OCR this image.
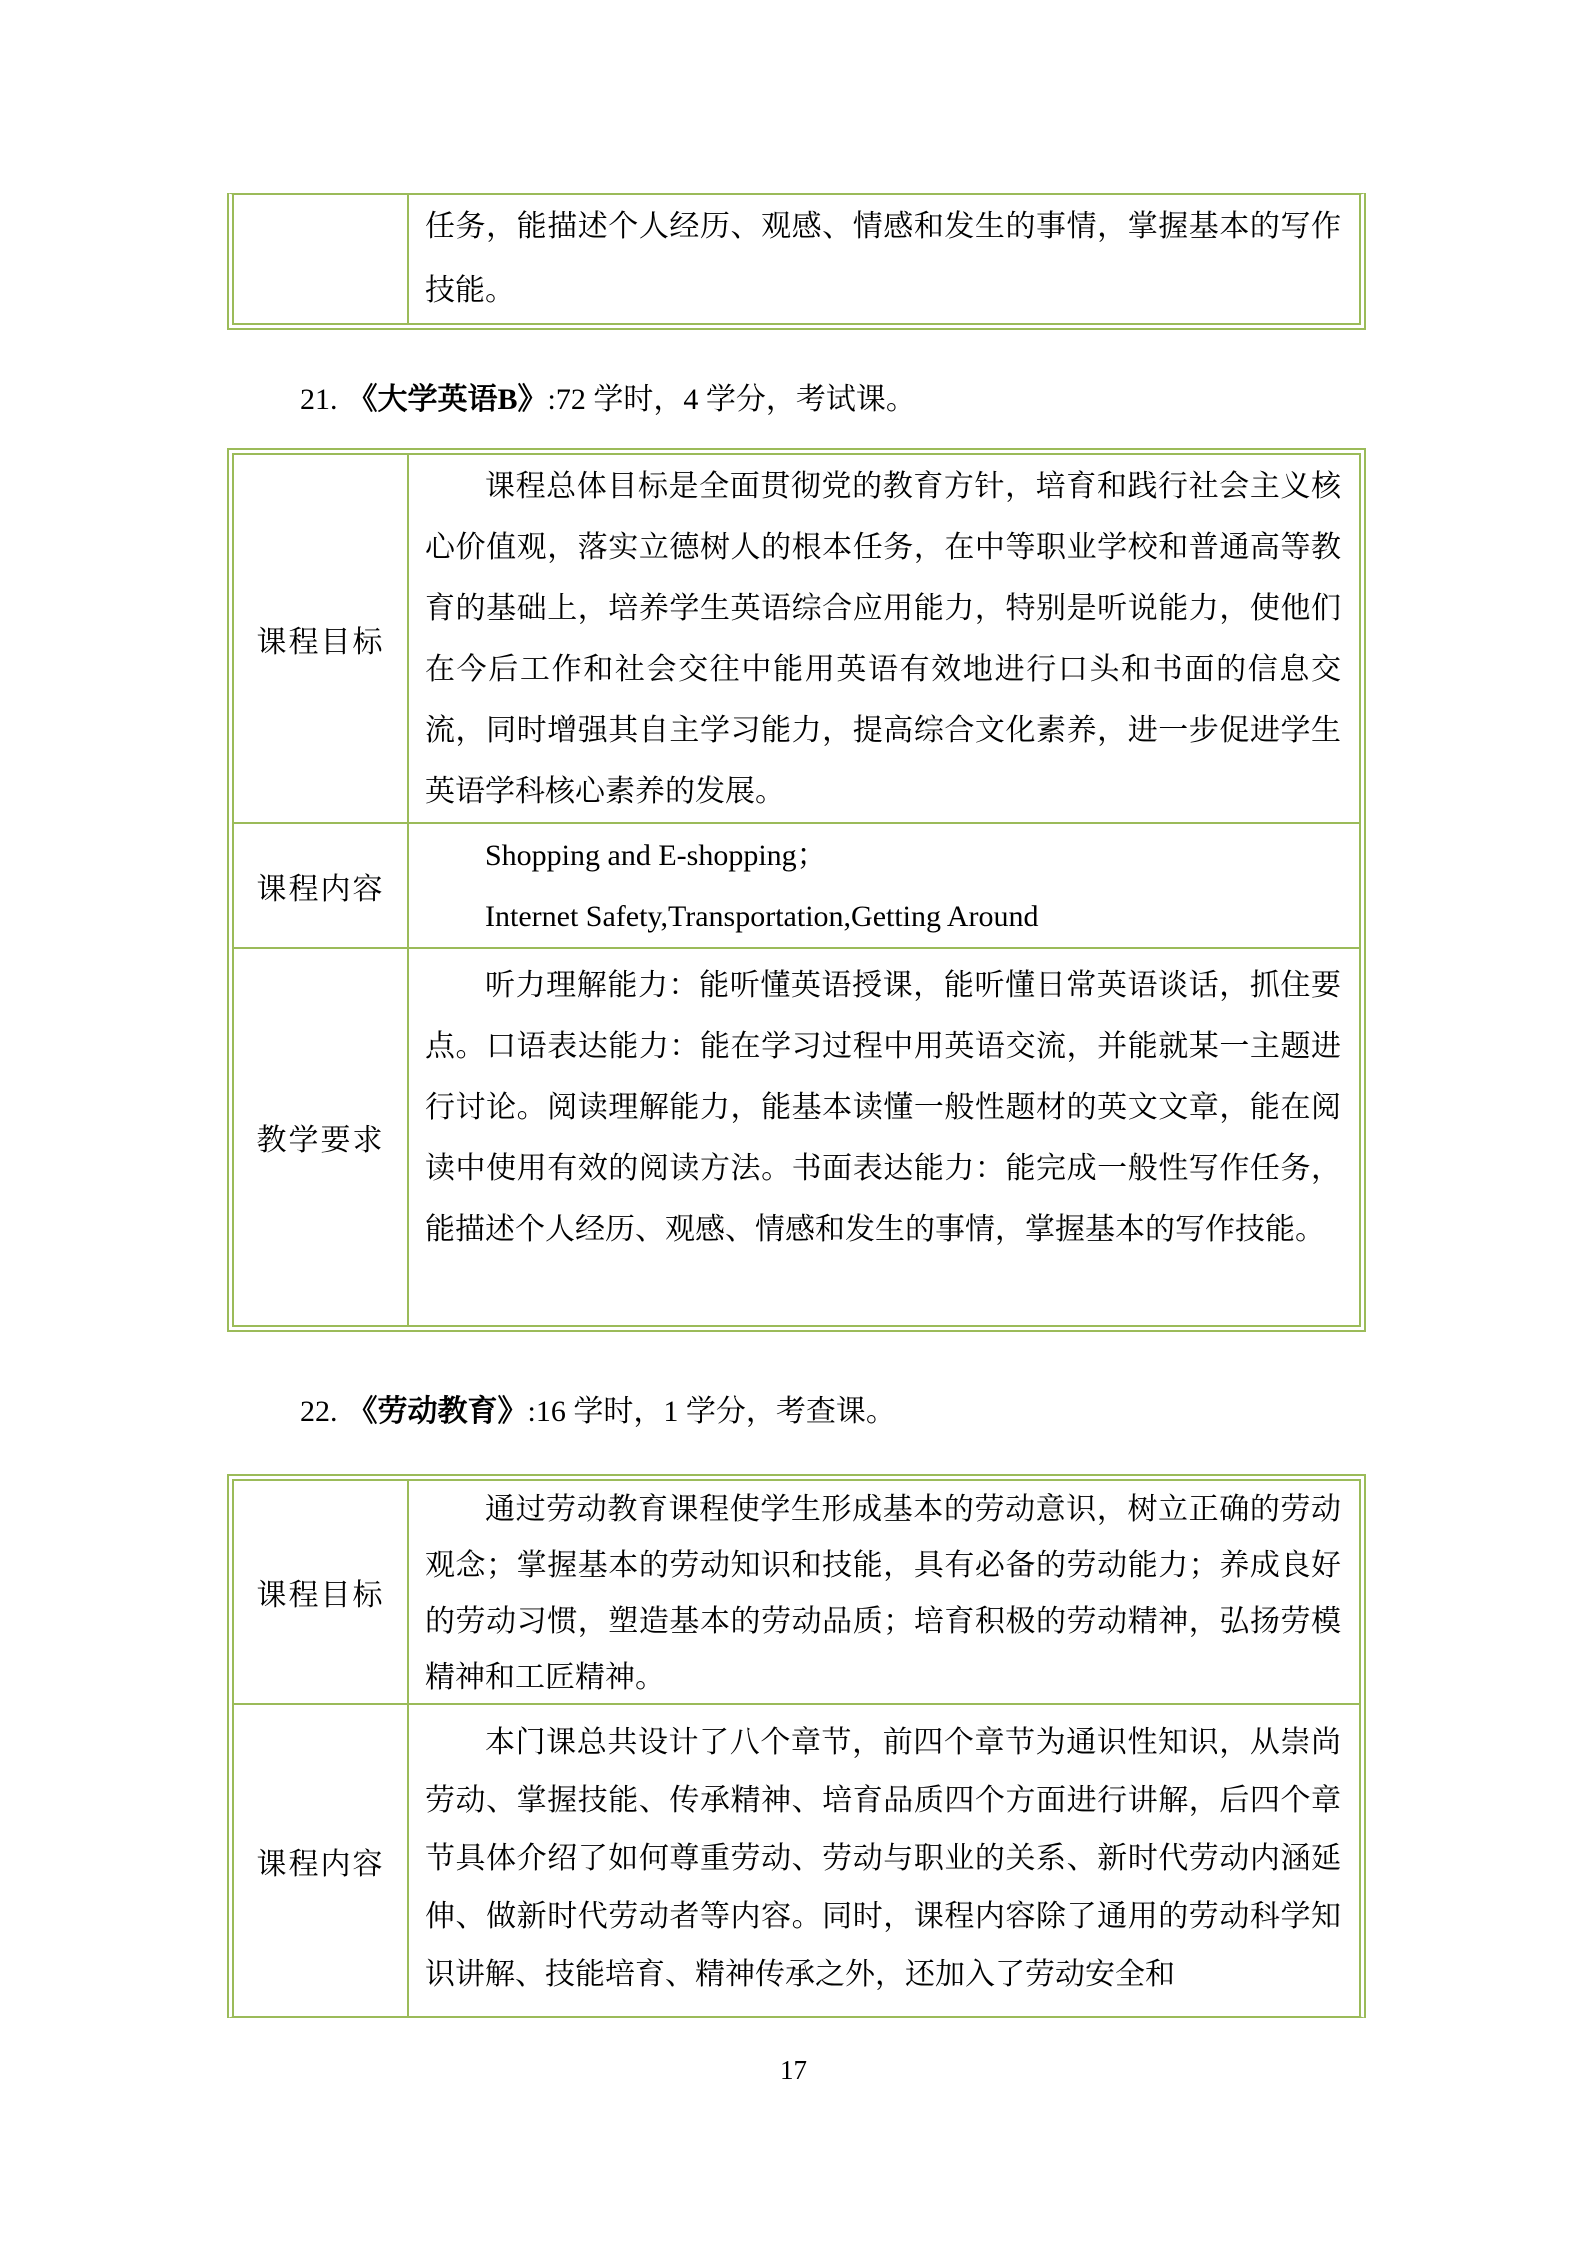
任务，能描述个人经历、观感、情感和发生的事情，掌握基本的写作技能。

21. 《大学英语B》:72 学时，4 学分，考试课。
课程目标

课程总体目标是全面贯彻党的教育方针，培育和践行社会主义核心价值观，落实立德树人的根本任务，在中等职业学校和普通高等教育的基础上，培养学生英语综合应用能力，特别是听说能力，使他们在今后工作和社会交往中能用英语有效地进行口头和书面的信息交流，同时增强其自主学习能力，提高综合文化素养，进一步促进学生英语学科核心素养的发展。

课程内容

Shopping and E-shopping；

Internet Safety,Transportation,Getting Around

教学要求

听力理解能力：能听懂英语授课，能听懂日常英语谈话，抓住要点。口语表达能力：能在学习过程中用英语交流，并能就某一主题进行讨论。阅读理解能力，能基本读懂一般性题材的英文文章，能在阅读中使用有效的阅读方法。书面表达能力：能完成一般性写作任务，能描述个人经历、观感、情感和发生的事情，掌握基本的写作技能。

22. 《劳动教育》:16 学时，1 学分，考查课。
课程目标

通过劳动教育课程使学生形成基本的劳动意识，树立正确的劳动观念；掌握基本的劳动知识和技能，具有必备的劳动能力；养成良好的劳动习惯，塑造基本的劳动品质；培育积极的劳动精神，弘扬劳模精神和工匠精神。

课程内容

本门课总共设计了八个章节，前四个章节为通识性知识，从崇尚劳动、掌握技能、传承精神、培育品质四个方面进行讲解，后四个章节具体介绍了如何尊重劳动、劳动与职业的关系、新时代劳动内涵延伸、做新时代劳动者等内容。同时，课程内容除了通用的劳动科学知识讲解、技能培育、精神传承之外，还加入了劳动安全和

17
